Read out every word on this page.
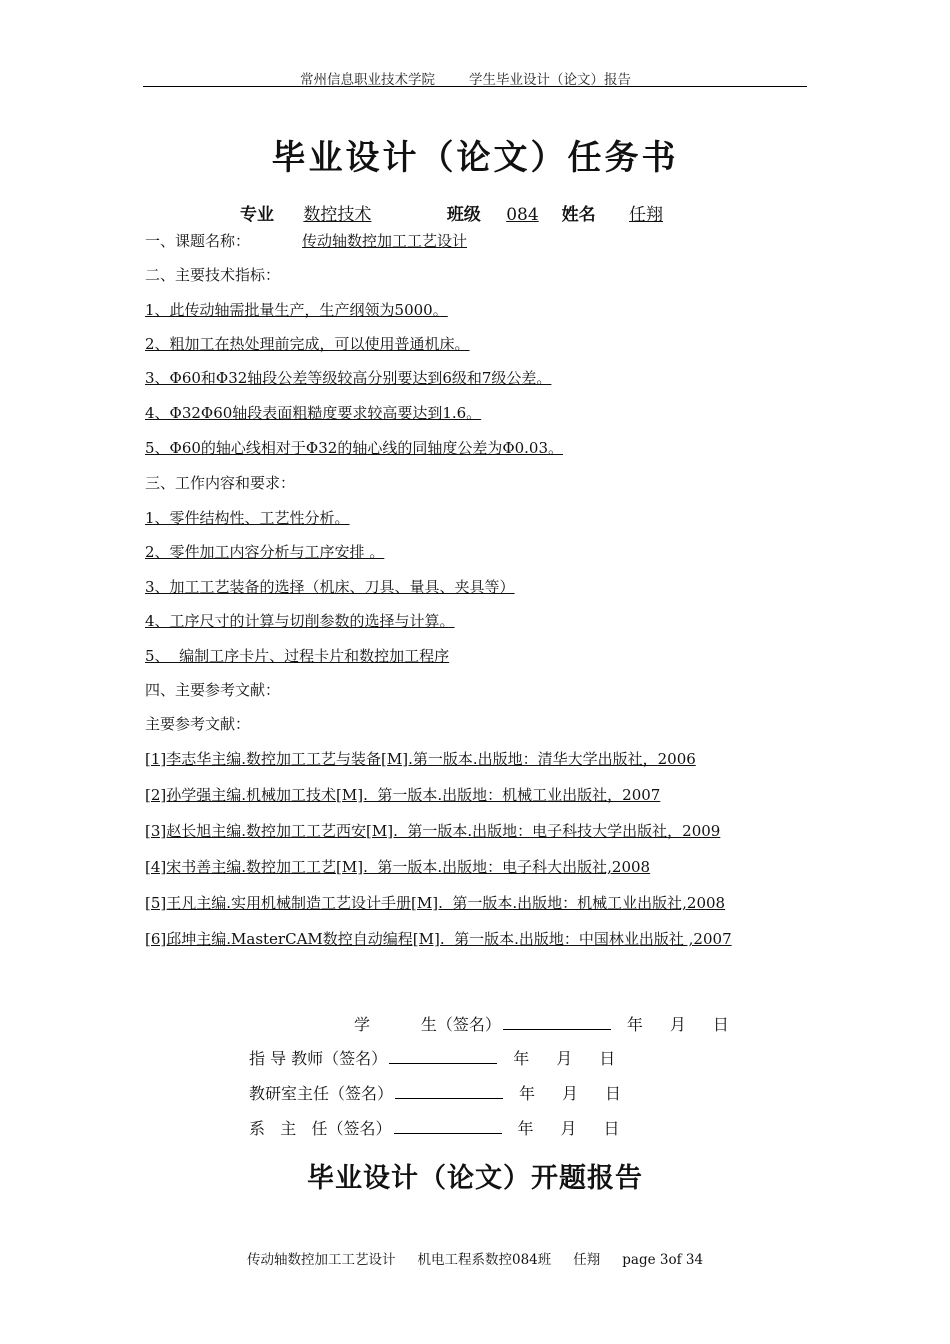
常州信息职业技术学院	学生毕业设计（论文）报告
毕业设计（论文）任务书
专业 数控技术	班级 084 姓名 任翔
一、课题名称：	传动轴数控加工工艺设计
二、主要技术指标：
1、此传动轴需批量生产，生产纲领为5000。
2、粗加工在热处理前完成，可以使用普通机床。
3、Φ60和Φ32轴段公差等级较高分别要达到6级和7级公差。
4、Φ32Φ60轴段表面粗糙度要求较高要达到1.6。
5、Φ60的轴心线相对于Φ32的轴心线的同轴度公差为Φ0.03。
三、工作内容和要求：
1、零件结构性、工艺性分析。
2、零件加工内容分析与工序安排 。
3、加工工艺装备的选择（机床、刀具、量具、夹具等）
4、工序尺寸的计算与切削参数的选择与计算。
5、  编制工序卡片、过程卡片和数控加工程序
四、主要参考文献：
主要参考文献：
[1]李志华主编.数控加工工艺与装备[M].第一版本.出版地：清华大学出版社，2006
[2]孙学强主编.机械加工技术[M].  第一版本.出版地：机械工业出版社，2007
[3]赵长旭主编.数控加工工艺西安[M].  第一版本.出版地：电子科技大学出版社，2009
[4]宋书善主编.数控加工工艺[M].  第一版本.出版地：电子科大出版社,2008
[5]王凡主编.实用机械制造工艺设计手册[M].  第一版本.出版地：机械工业出版社,2008
[6]邱坤主编.MasterCAM数控自动编程[M].  第一版本.出版地：中国林业出版社 ,2007
学          生（签名）	年 月 日
指 导 教师（签名）	年 月 日
教研室主任（签名）	年 月 日
系   主   任（签名）	年 月 日
毕业设计（论文）开题报告
传动轴数控加工工艺设计 机电工程系数控084班 任翔 page 3of 34
